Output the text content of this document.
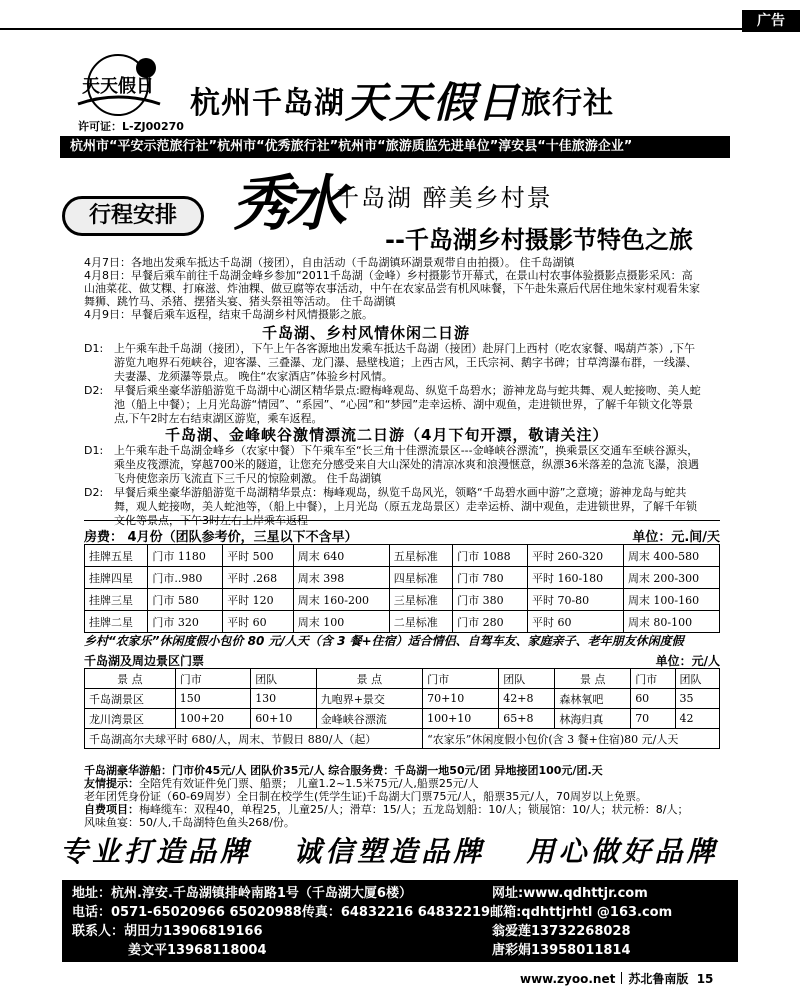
广告
天天假日
许可证：L-ZJ00270
杭州千岛湖天天假日旅行社
杭州市“平安示范旅行社”杭州市“优秀旅行社”杭州市“旅游质监先进单位”淳安县“十佳旅游企业”
行程安排 秀水
千岛湖 醉美乡村景
--千岛湖乡村摄影节特色之旅
4月7日：各地出发乘车抵达千岛湖（接团），自由活动（千岛湖镇环湖景观带自由拍摄）。 住千岛湖镇
4月8日：早餐后乘车前往千岛湖金峰乡参加“2011千岛湖（金峰）乡村摄影节开幕式，在景山村农事体验摄影点摄影采风：高山油菜花、做艾粿、打麻滋、炸油粿、做豆腐等农事活动，中午在农家品尝有机风味餐，下午赴朱熹后代居住地朱家村观看朱家舞狮、跳竹马、杀猪、摆猪头宴、猪头祭祖等活动。 住千岛湖镇
4月9日：早餐后乘车返程，结束千岛湖乡村风情摄影之旅。
千岛湖、乡村风情休闲二日游
D1: 上午乘车赴千岛湖（接团），下午上午各客源地出发乘车抵达千岛湖（接团）赴屏门上西村（吃农家餐、喝葫芦茶）,下午游览九咆界石苑峡谷，迎客瀑、三叠瀑、龙门瀑、悬壁栈道；上西古风，王氏宗祠、鹅字书碑；甘草湾瀑布群，一线瀑、夫妻瀑、龙须瀑等景点。 晚住“农家酒店”体验乡村风情。
D2: 早餐后乘坐豪华游船游览千岛湖中心湖区精华景点:瞪梅峰观岛、纵览千岛碧水；游神龙岛与蛇共舞、观人蛇接吻、美人蛇池（船上中餐）；上月光岛游“情园”、“系园”、“心园”和“梦园”走幸运桥、湖中观鱼，走进锁世界，了解千年锁文化等景点,下午2时左右结束湖区游览，乘车返程。
千岛湖、金峰峡谷激情漂流二日游（4月下旬开漂，敬请关注）
D1: 上午乘车赴千岛湖金峰乡（农家中餐）下午乘车至“长三角十佳漂流景区---金峰峡谷漂流”，换乘景区交通车至峡谷源头，乘坐皮筏漂流，穿越700米的隧道，让您充分感受来自大山深处的清凉冰爽和浪漫惬意，纵漂36米落差的急流飞瀑，浪遇飞舟使您亲历飞流直下三千尺的惊险刺激。 住千岛湖镇
D2: 早餐后乘坐豪华游船游览千岛湖精华景点：梅峰观岛，纵览千岛风光，领略“千岛碧水画中游”之意境；游神龙岛与蛇共舞，观人蛇接吻，美人蛇池等，（船上中餐），上月光岛（原五龙岛景区）走幸运桥、湖中观鱼，走进锁世界，了解千年锁文化等景点，下午3时左右上岸乘车返程
房费： 4月份（团队参考价，三星以下不含早）	单位：元.间/天
挂牌五星	门市 1180	平时 500	周末 640	五星标准	门市 1088	平时 260-320	周末 400-580
挂牌四星	门市..980	平时 .268	周末 398	四星标准	门市 780	平时 160-180	周末 200-300
挂牌三星	门市 580	平时 120	周末 160-200	三星标准	门市 380	平时 70-80	周末 100-160
挂牌二星	门市 320	平时 60	周末 100	二星标准	门市 280	平时 60	周末 80-100
乡村“农家乐”休闲度假小包价 80 元/人天（含 3 餐+住宿）适合情侣、自驾车友、家庭亲子、老年朋友休闲度假
千岛湖及周边景区门票	单位：元/人
景 点	门市	团队	景 点	门市	团队	景 点	门市	团队
千岛湖景区	150	130	九咆界+景交	70+10	42+8	森林氧吧	60	35
龙川湾景区	100+20	60+10	金峰峡谷漂流	100+10	65+8	林海归真	70	42
千岛湖高尔夫球平时 680/人，周末、节假日 880/人（起）				“农家乐”休闲度假小包价(含 3 餐+住宿)80 元/人天				
千岛湖豪华游船：门市价45元/人 团队价35元/人 综合服务费：千岛湖一地50元/团 异地接团100元/团.天
友情提示：全陪凭有效证件免门票、船票； 儿童1.2~1.5米75元/人,船票25元/人
老年团凭身份证（60-69周岁）全日制在校学生(凭学生证)千岛湖大门票75元/人，船票35元/人，70周岁以上免票。
自费项目：梅峰缆车：双程40，单程25，儿童25/人；滑草：15/人；五龙岛划船：10/人；锁展馆：10/人；状元桥：8/人；
风味鱼宴：50/人,千岛湖特色鱼头268/份。
专业打造品牌 诚信塑造品牌 用心做好品牌
地址：杭州.淳安.千岛湖镇排岭南路1号（千岛湖大厦6楼）	网址:www.qdhttjr.com
电话：0571-65020966 65020988传真：64832216 64832219邮箱:qdhttjrhtl @163.com
联系人：胡田力13906819166	翁爱莲13732268028
姜文平13968118004	唐彩娟13958011814
www.zyoo.net 苏北鲁南版 15
